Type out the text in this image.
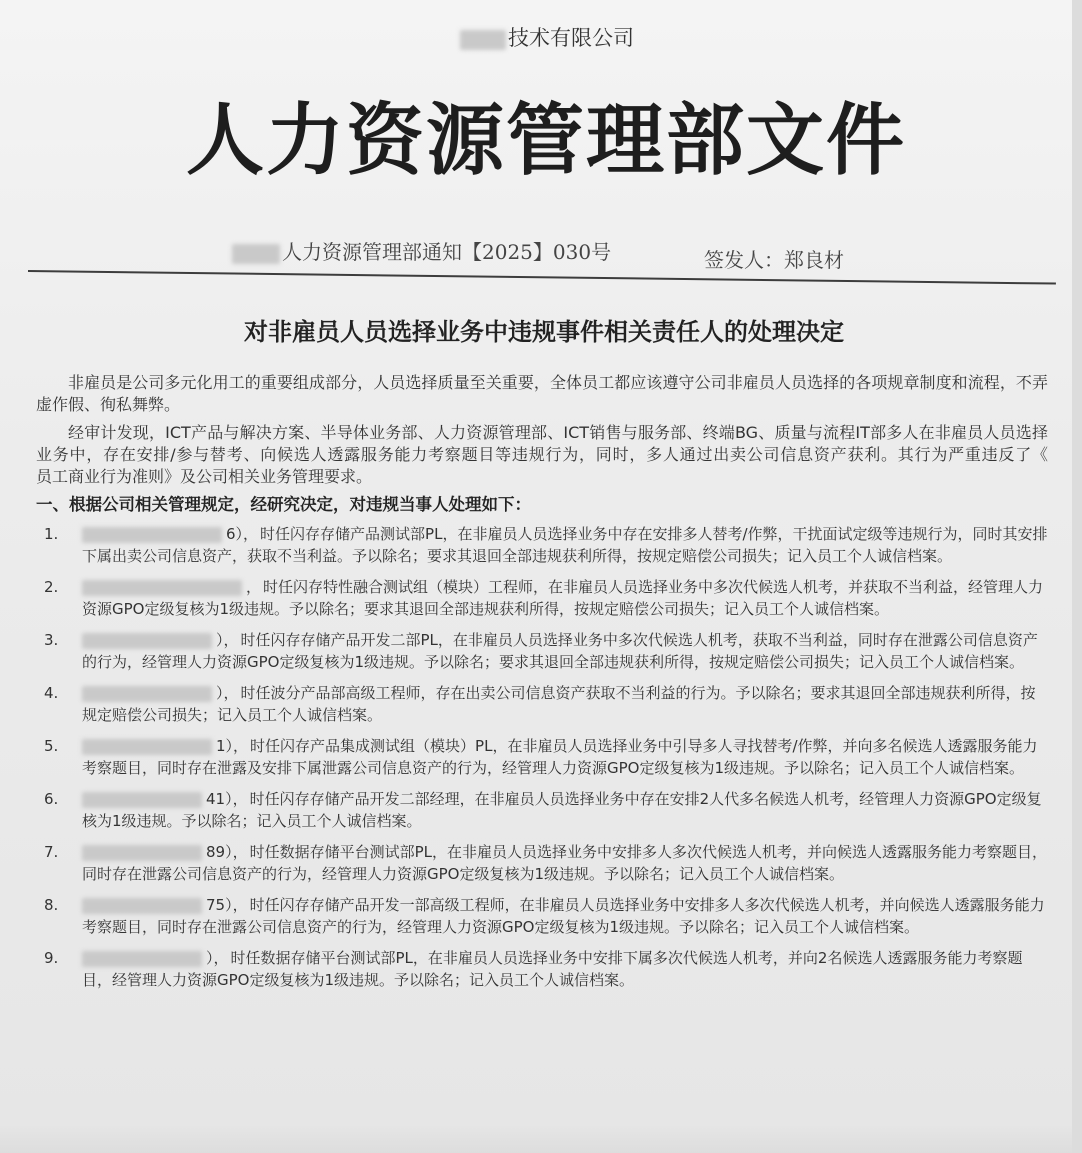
技术有限公司
人力资源管理部文件
人力资源管理部通知【2025】030号	签发人：郑良材
对非雇员人员选择业务中违规事件相关责任人的处理决定

非雇员是公司多元化用工的重要组成部分，人员选择质量至关重要，全体员工都应该遵守公司非雇员人员选择的各项规章制度和流程，不弄虚作假、徇私舞弊。

经审计发现，ICT产品与解决方案、半导体业务部、人力资源管理部、ICT销售与服务部、终端BG、质量与流程IT部多人在非雇员人员选择业务中，存在安排/参与替考、向候选人透露服务能力考察题目等违规行为，同时，多人通过出卖公司信息资产获利。其行为严重违反了《　　员工商业行为准则》及公司相关业务管理要求。

一、根据公司相关管理规定，经研究决定，对违规当事人处理如下：
1.	6）， 时任闪存存储产品测试部PL，在非雇员人员选择业务中存在安排多人替考/作弊，干扰面试定级等违规行为，同时其安排下属出卖公司信息资产，获取不当利益。予以除名；要求其退回全部违规获利所得，按规定赔偿公司损失；记入员工个人诚信档案。
2.	， 时任闪存特性融合测试组（模块）工程师，在非雇员人员选择业务中多次代候选人机考，并获取不当利益，经管理人力资源GPO定级复核为1级违规。予以除名；要求其退回全部违规获利所得，按规定赔偿公司损失；记入员工个人诚信档案。
3.	）， 时任闪存存储产品开发二部PL，在非雇员人员选择业务中多次代候选人机考，获取不当利益，同时存在泄露公司信息资产的行为，经管理人力资源GPO定级复核为1级违规。予以除名；要求其退回全部违规获利所得，按规定赔偿公司损失；记入员工个人诚信档案。
4.	）， 时任波分产品部高级工程师，存在出卖公司信息资产获取不当利益的行为。予以除名；要求其退回全部违规获利所得，按规定赔偿公司损失；记入员工个人诚信档案。
5.	1）， 时任闪存产品集成测试组（模块）PL，在非雇员人员选择业务中引导多人寻找替考/作弊，并向多名候选人透露服务能力考察题目，同时存在泄露及安排下属泄露公司信息资产的行为，经管理人力资源GPO定级复核为1级违规。予以除名；记入员工个人诚信档案。
6.	41）， 时任闪存存储产品开发二部经理，在非雇员人员选择业务中存在安排2人代多名候选人机考，经管理人力资源GPO定级复核为1级违规。予以除名；记入员工个人诚信档案。
7.	89）， 时任数据存储平台测试部PL，在非雇员人员选择业务中安排多人多次代候选人机考，并向候选人透露服务能力考察题目，同时存在泄露公司信息资产的行为，经管理人力资源GPO定级复核为1级违规。予以除名；记入员工个人诚信档案。
8.	75）， 时任闪存存储产品开发一部高级工程师，在非雇员人员选择业务中安排多人多次代候选人机考，并向候选人透露服务能力考察题目，同时存在泄露公司信息资产的行为，经管理人力资源GPO定级复核为1级违规。予以除名；记入员工个人诚信档案。
9.	）， 时任数据存储平台测试部PL，在非雇员人员选择业务中安排下属多次代候选人机考，并向2名候选人透露服务能力考察题目，经管理人力资源GPO定级复核为1级违规。予以除名；记入员工个人诚信档案。
